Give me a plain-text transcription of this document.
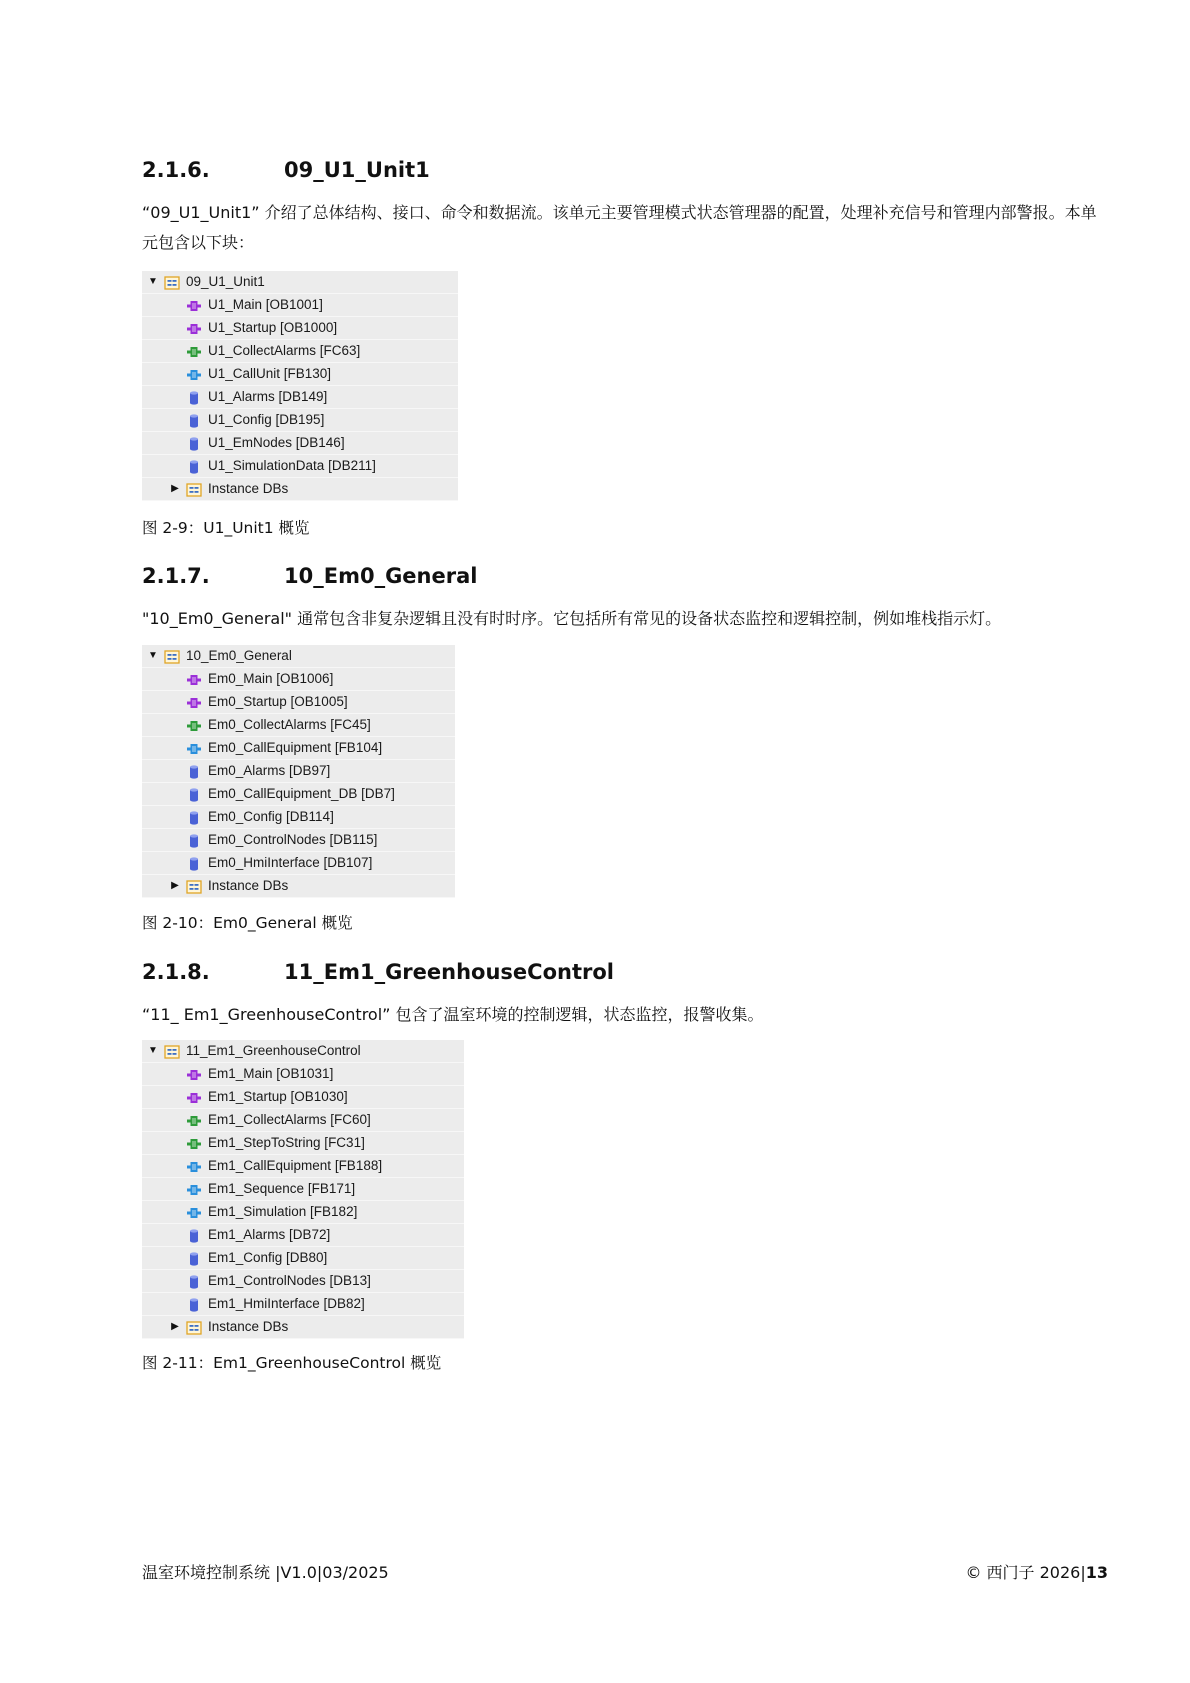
2.1.6.	09_U1_Unit1

“09_U1_Unit1” 介绍了总体结构、接口、命令和数据流。该单元主要管理模式状态管理器的配置，处理补充信号和管理内部警报。本单元包含以下块：

▼ 09_U1_Unit1
U1_Main [OB1001]
U1_Startup [OB1000]
U1_CollectAlarms [FC63]
U1_CallUnit [FB130]
U1_Alarms [DB149]
U1_Config [DB195]
U1_EmNodes [DB146]
U1_SimulationData [DB211]
▶ Instance DBs

图 2-9：U1_Unit1 概览

2.1.7.	10_Em0_General

"10_Em0_General" 通常包含非复杂逻辑且没有时时序。它包括所有常见的设备状态监控和逻辑控制，例如堆栈指示灯。

▼ 10_Em0_General
Em0_Main [OB1006]
Em0_Startup [OB1005]
Em0_CollectAlarms [FC45]
Em0_CallEquipment [FB104]
Em0_Alarms [DB97]
Em0_CallEquipment_DB [DB7]
Em0_Config [DB114]
Em0_ControlNodes [DB115]
Em0_HmiInterface [DB107]
▶ Instance DBs

图 2-10：Em0_General 概览

2.1.8.	11_Em1_GreenhouseControl

“11_ Em1_GreenhouseControl” 包含了温室环境的控制逻辑，状态监控，报警收集。

▼ 11_Em1_GreenhouseControl
Em1_Main [OB1031]
Em1_Startup [OB1030]
Em1_CollectAlarms [FC60]
Em1_StepToString [FC31]
Em1_CallEquipment [FB188]
Em1_Sequence [FB171]
Em1_Simulation [FB182]
Em1_Alarms [DB72]
Em1_Config [DB80]
Em1_ControlNodes [DB13]
Em1_HmiInterface [DB82]
▶ Instance DBs

图 2-11：Em1_GreenhouseControl 概览

温室环境控制系统 |V1.0|03/2025	© 西门子 2026|13
